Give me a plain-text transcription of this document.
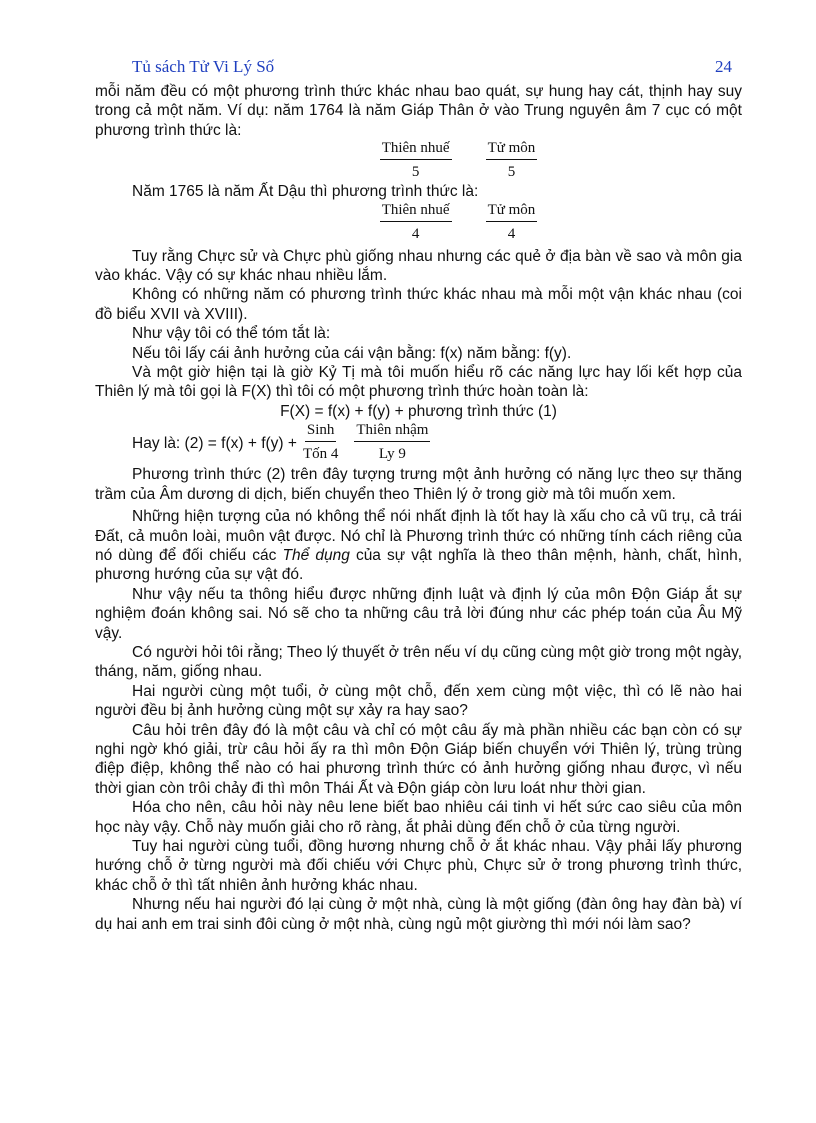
Tủ sách Tử Vi Lý Số	24

mỗi năm đều có một phương trình thức khác nhau bao quát, sự hung hay cát, thịnh hay suy trong cả một năm. Ví dụ: năm 1764 là năm Giáp Thân ở vào Trung nguyên âm 7 cục có một phương trình thức là:

$\frac{\text{Thiên nhuế}}{5} \frac{\text{Tử môn}}{5}$

Năm 1765 là năm Ất Dậu thì phương trình thức là:

$\frac{\text{Thiên nhuế}}{4} \frac{\text{Tử môn}}{4}$

Tuy rằng Chực sử và Chực phù giống nhau nhưng các quẻ ở địa bàn về sao và môn gia vào khác. Vậy có sự khác nhau nhiều lắm.

Không có những năm có phương trình thức khác nhau mà mỗi một vận khác nhau (coi đồ biểu XVII và XVIII).

Như vậy tôi có thể tóm tắt là:

Nếu tôi lấy cái ảnh hưởng của cái vận bằng: f(x) năm bằng: f(y).

Và một giờ hiện tại là giờ Kỷ Tị mà tôi muốn hiểu rõ các năng lực hay lối kết hợp của Thiên lý mà tôi gọi là F(X) thì tôi có một phương trình thức hoàn toàn là:

F(X) = f(x) + f(y) + phương trình thức (1)

Hay là: $(2) = f(x) + f(y) + \frac{\text{Sinh}}{\text{Tốn 4}} \frac{\text{Thiên nhậm}}{Ly 9}$

Phương trình thức (2) trên đây tượng trưng một ảnh hưởng có năng lực theo sự thăng trầm của Âm dương di dịch, biến chuyển theo Thiên lý ở trong giờ mà tôi muốn xem.

Những hiện tượng của nó không thể nói nhất định là tốt hay là xấu cho cả vũ trụ, cả trái Đất, cả muôn loài, muôn vật được. Nó chỉ là Phương trình thức có những tính cách riêng của nó dùng để đối chiếu các Thể dụng của sự vật nghĩa là theo thân mệnh, hành, chất, hình, phương hướng của sự vật đó.

Như vậy nếu ta thông hiểu được những định luật và định lý của môn Độn Giáp ắt sự nghiệm đoán không sai. Nó sẽ cho ta những câu trả lời đúng như các phép toán của Âu Mỹ vậy.

Có người hỏi tôi rằng; Theo lý thuyết ở trên nếu ví dụ cũng cùng một giờ trong một ngày, tháng, năm, giống nhau.

Hai người cùng một tuổi, ở cùng một chỗ, đến xem cùng một việc, thì có lẽ nào hai người đều bị ảnh hưởng cùng một sự xảy ra hay sao?

Câu hỏi trên đây đó là một câu và chỉ có một câu ấy mà phần nhiều các bạn còn có sự nghi ngờ khó giải, trừ câu hỏi ấy ra thì môn Độn Giáp biến chuyển với Thiên lý, trùng trùng điệp điệp, không thể nào có hai phương trình thức có ảnh hưởng giống nhau được, vì nếu thời gian còn trôi chảy đi thì môn Thái Ất và Độn giáp còn lưu loát như thời gian.

Hóa cho nên, câu hỏi này nêu lene biết bao nhiêu cái tinh vi hết sức cao siêu của môn học này vậy. Chỗ này muốn giải cho rõ ràng, ắt phải dùng đến chỗ ở của từng người.

Tuy hai người cùng tuổi, đồng hương nhưng chỗ ở ắt khác nhau. Vậy phải lấy phương hướng chỗ ở từng người mà đối chiếu với Chực phù, Chực sử ở trong phương trình thức, khác chỗ ở thì tất nhiên ảnh hưởng khác nhau.

Nhưng nếu hai người đó lại cùng ở một nhà, cùng là một giống (đàn ông hay đàn bà) ví dụ hai anh em trai sinh đôi cùng ở một nhà, cùng ngủ một giường thì mới nói làm sao?
